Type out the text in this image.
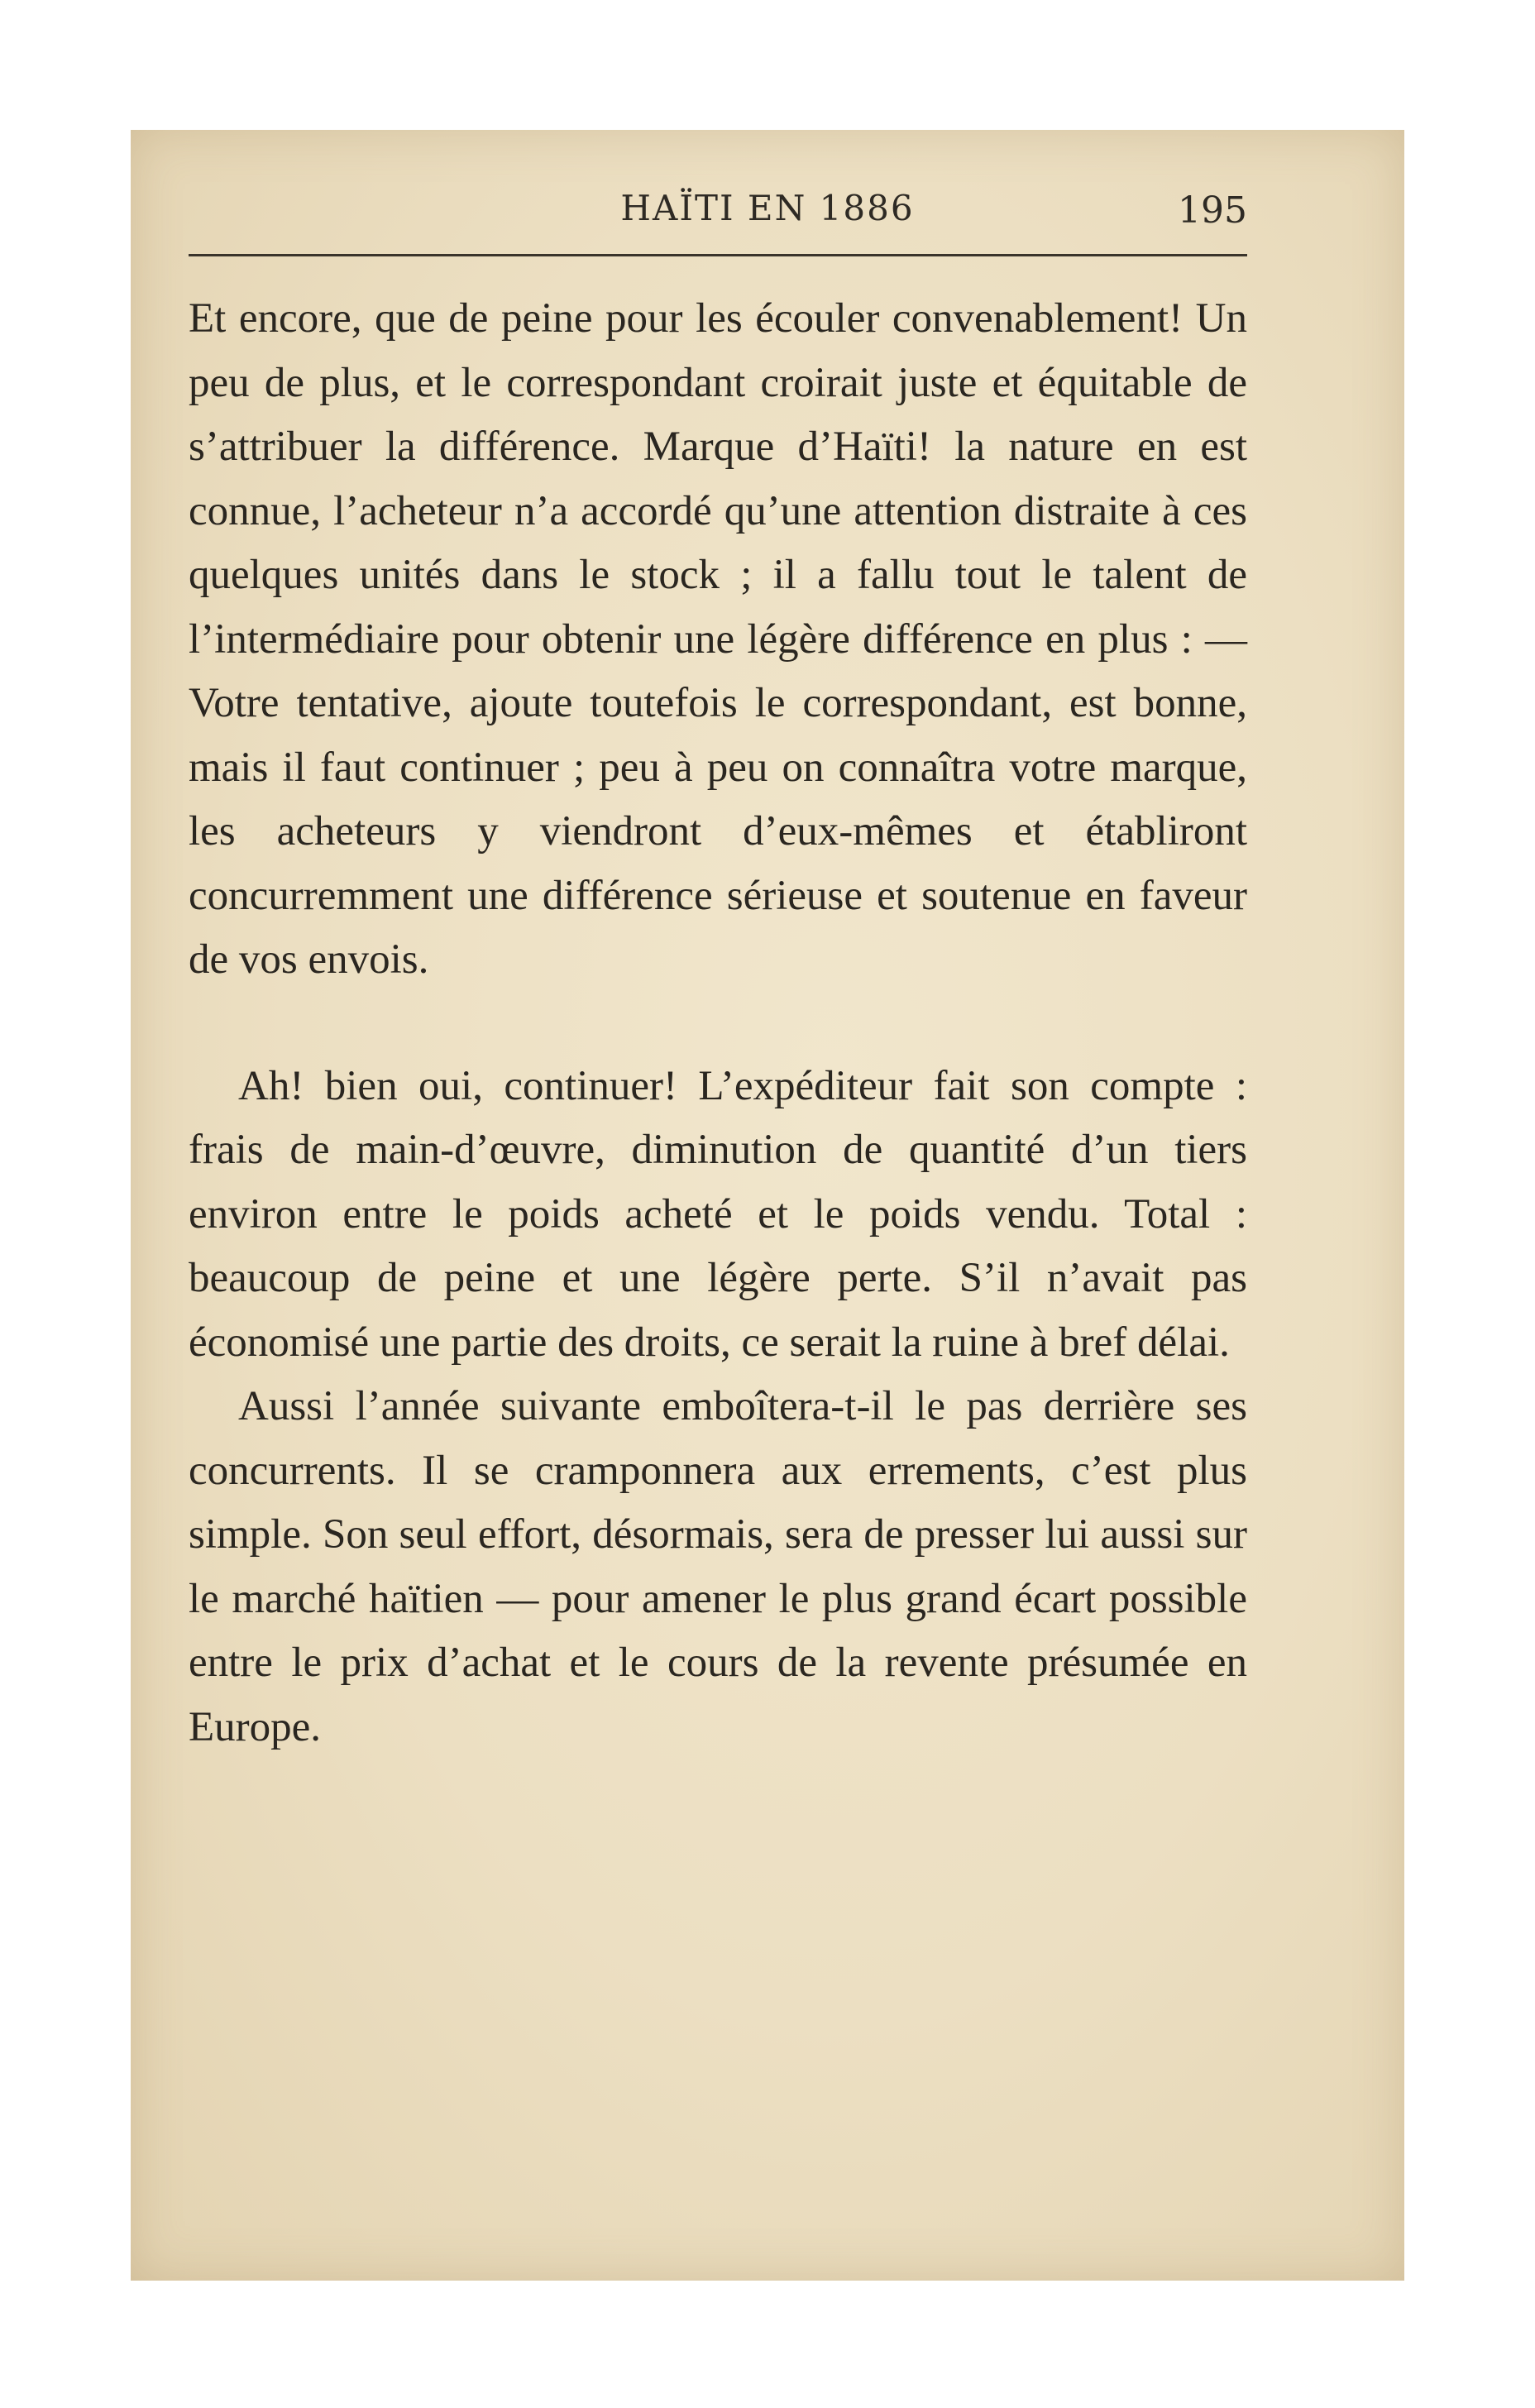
HAÏTI EN 1886	195

Et encore, que de peine pour les écouler convenablement! Un peu de plus, et le correspondant croirait juste et équitable de s’attribuer la différence. Marque d’Haïti! la nature en est connue, l’acheteur n’a accordé qu’une attention distraite à ces quelques unités dans le stock ; il a fallu tout le talent de l’intermédiaire pour obtenir une légère différence en plus : — Votre tentative, ajoute toutefois le correspondant, est bonne, mais il faut continuer ; peu à peu on connaîtra votre marque, les acheteurs y viendront d’eux-mêmes et établiront concurremment une différence sérieuse et soutenue en faveur de vos envois.

Ah! bien oui, continuer! L’expéditeur fait son compte : frais de main-d’œuvre, diminution de quantité d’un tiers environ entre le poids acheté et le poids vendu. Total : beaucoup de peine et une légère perte. S’il n’avait pas économisé une partie des droits, ce serait la ruine à bref délai.

Aussi l’année suivante emboîtera-t-il le pas derrière ses concurrents. Il se cramponnera aux errements, c’est plus simple. Son seul effort, désormais, sera de presser lui aussi sur le marché haïtien — pour amener le plus grand écart possible entre le prix d’achat et le cours de la revente présumée en Europe.
